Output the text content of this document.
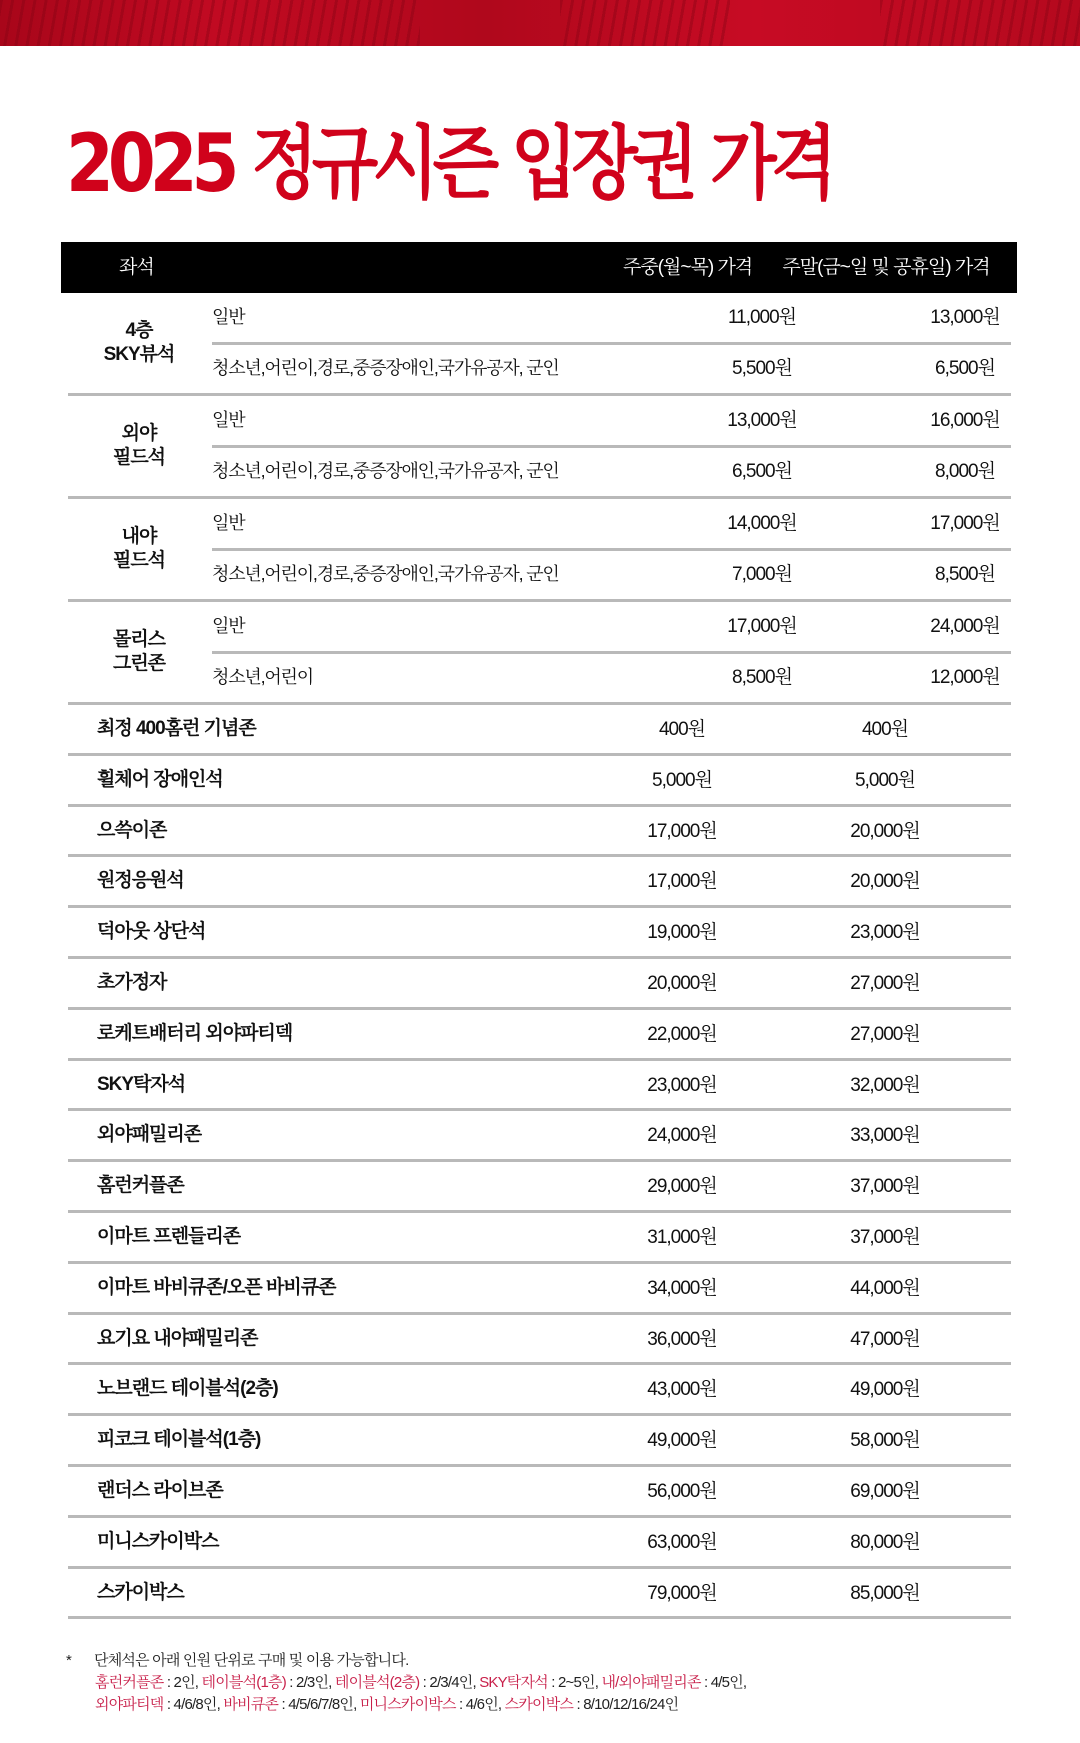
2025 정규시즌 입장권 가격
좌석	주중(월~목) 가격	주말(금~일 및 공휴일) 가격
4층
SKY뷰석
일반	11,000원	13,000원
청소년,어린이,경로,중증장애인,국가유공자, 군인	5,500원	6,500원
외야
필드석
일반	13,000원	16,000원
청소년,어린이,경로,중증장애인,국가유공자, 군인	6,500원	8,000원
내야
필드석
일반	14,000원	17,000원
청소년,어린이,경로,중증장애인,국가유공자, 군인	7,000원	8,500원
몰리스
그린존
일반	17,000원	24,000원
청소년,어린이	8,500원	12,000원
최정 400홈런 기념존	400원	400원
휠체어 장애인석	5,000원	5,000원
으쓱이존	17,000원	20,000원
원정응원석	17,000원	20,000원
덕아웃 상단석	19,000원	23,000원
초가정자	20,000원	27,000원
로케트배터리 외야파티덱	22,000원	27,000원
SKY탁자석	23,000원	32,000원
외야패밀리존	24,000원	33,000원
홈런커플존	29,000원	37,000원
이마트 프렌들리존	31,000원	37,000원
이마트 바비큐존/오픈 바비큐존	34,000원	44,000원
요기요 내야패밀리존	36,000원	47,000원
노브랜드 테이블석(2층)	43,000원	49,000원
피코크 테이블석(1층)	49,000원	58,000원
랜더스 라이브존	56,000원	69,000원
미니스카이박스	63,000원	80,000원
스카이박스	79,000원	85,000원
* 단체석은 아래 인원 단위로 구매 및 이용 가능합니다.
홈런커플존 : 2인, 테이블석(1층) : 2/3인, 테이블석(2층) : 2/3/4인, SKY탁자석 : 2~5인, 내/외야패밀리존 : 4/5인,
외야파티덱 : 4/6/8인, 바비큐존 : 4/5/6/7/8인, 미니스카이박스 : 4/6인, 스카이박스 : 8/10/12/16/24인
